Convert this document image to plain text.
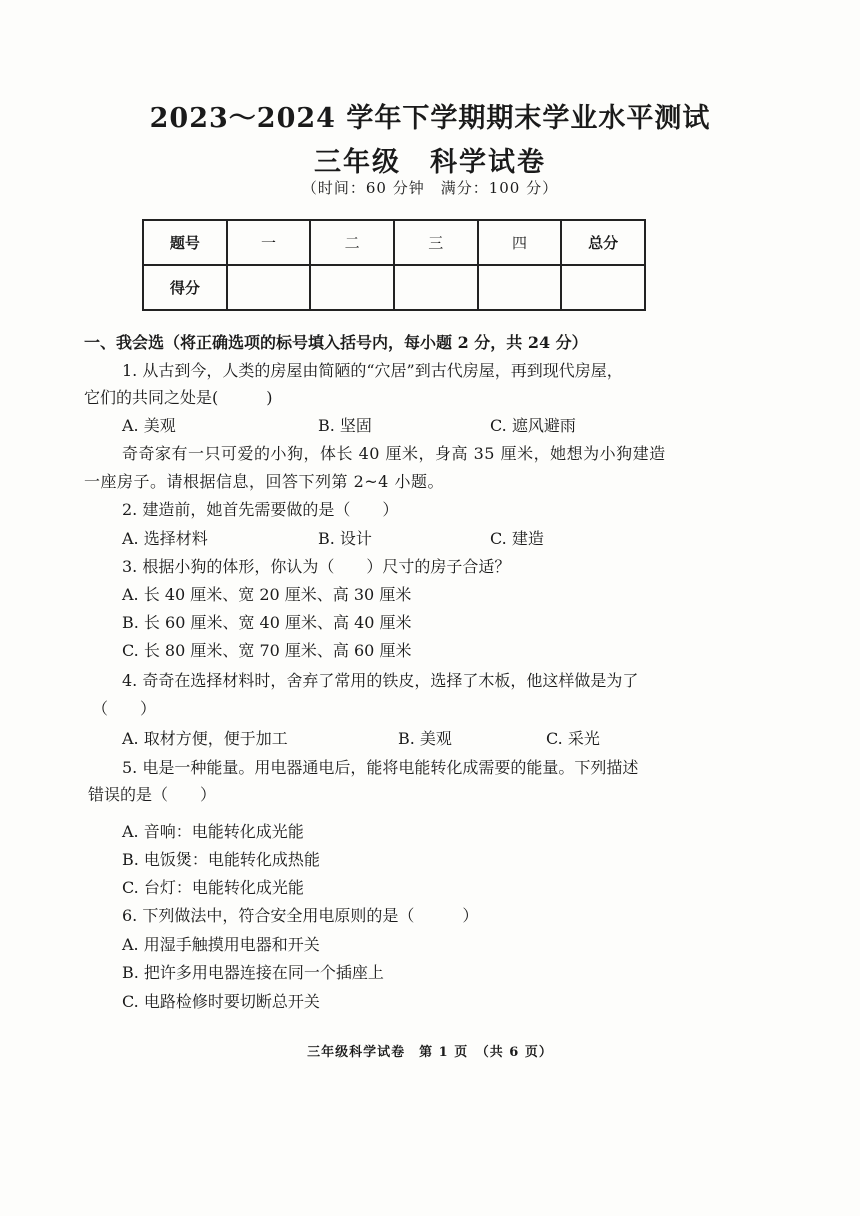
2023～2024 学年下学期期末学业水平测试
三年级　科学试卷
（时间：60 分钟　满分：100 分）
题号	一	二	三	四	总分
得分					
一、我会选（将正确选项的标号填入括号内，每小题 2 分，共 24 分）
1. 从古到今，人类的房屋由简陋的“穴居”到古代房屋，再到现代房屋，
它们的共同之处是(　　　)
A. 美观	B. 坚固	C. 遮风避雨
奇奇家有一只可爱的小狗，体长 40 厘米，身高 35 厘米，她想为小狗建造
一座房子。请根据信息，回答下列第 2~4 小题。
2. 建造前，她首先需要做的是（　　）
A. 选择材料	B. 设计	C. 建造
3. 根据小狗的体形，你认为（　　）尺寸的房子合适？
A. 长 40 厘米、宽 20 厘米、高 30 厘米
B. 长 60 厘米、宽 40 厘米、高 40 厘米
C. 长 80 厘米、宽 70 厘米、高 60 厘米
4. 奇奇在选择材料时，舍弃了常用的铁皮，选择了木板，他这样做是为了
（　　）
A. 取材方便，便于加工	B. 美观	C. 采光
5. 电是一种能量。用电器通电后，能将电能转化成需要的能量。下列描述
错误的是（　　）
A. 音响：电能转化成光能
B. 电饭煲：电能转化成热能
C. 台灯：电能转化成光能
6. 下列做法中，符合安全用电原则的是（　　　）
A. 用湿手触摸用电器和开关
B. 把许多用电器连接在同一个插座上
C. 电路检修时要切断总开关
三年级科学试卷　第 1 页　（共 6 页）
